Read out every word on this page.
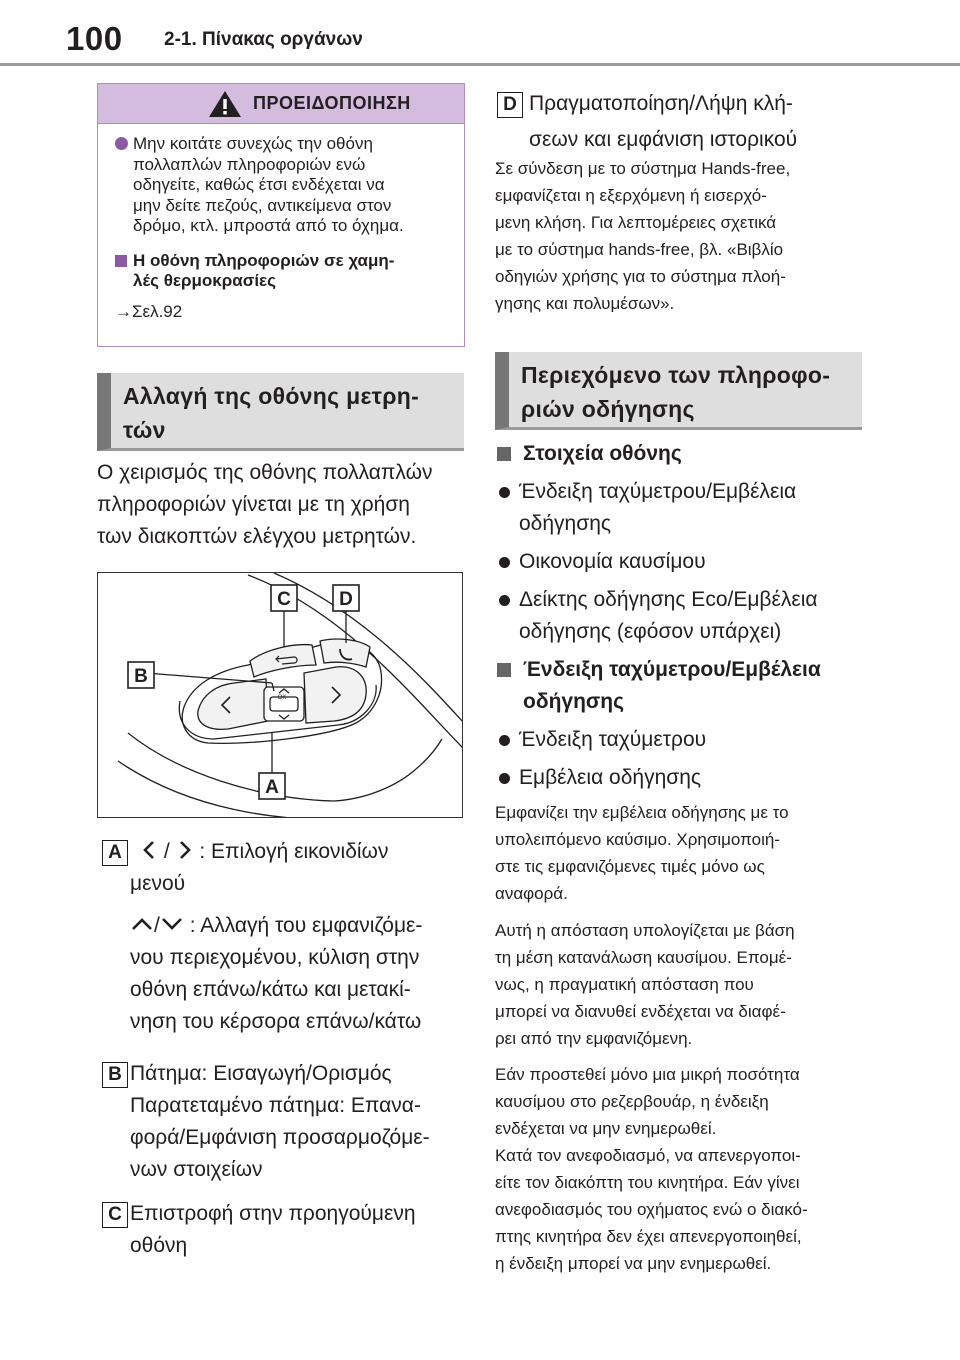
100 2-1. Πίνακας οργάνων
ΠΡΟΕΙΔΟΠΟΙΗΣΗ
Μην κοιτάτε συνεχώς την οθόνη
πολλαπλών πληροφοριών ενώ
οδηγείτε, καθώς έτσι ενδέχεται να
μην δείτε πεζούς, αντικείμενα στον
δρόμο, κτλ. μπροστά από το όχημα.
Η οθόνη πληροφοριών σε χαμη-
λές θερμοκρασίες
→Σελ.92
Αλλαγή της οθόνης μετρη-
τών
Ο χειρισμός της οθόνης πολλαπλών
πληροφοριών γίνεται με τη χρήση
των διακοπτών ελέγχου μετρητών.
OK
C	D
B
A
A	/ : Επιλογή εικονιδίων
μενού
/ : Αλλαγή του εμφανιζόμε-
νου περιεχομένου, κύλιση στην
οθόνη επάνω/κάτω και μετακί-
νηση του κέρσορα επάνω/κάτω
B Πάτημα: Εισαγωγή/Ορισμός
Παρατεταμένο πάτημα: Επανα-
φορά/Εμφάνιση προσαρμοζόμε-
νων στοιχείων
C Επιστροφή στην προηγούμενη
οθόνη
D Πραγματοποίηση/Λήψη κλή-
σεων και εμφάνιση ιστορικού
Σε σύνδεση με το σύστημα Hands-free,
εμφανίζεται η εξερχόμενη ή εισερχό-
μενη κλήση. Για λεπτομέρειες σχετικά
με το σύστημα hands-free, βλ. «Βιβλίο
οδηγιών χρήσης για το σύστημα πλοή-
γησης και πολυμέσων».
Περιεχόμενο των πληροφο-
ριών οδήγησης
Στοιχεία οθόνης
Ένδειξη ταχύμετρου/Εμβέλεια
οδήγησης
Οικονομία καυσίμου
Δείκτης οδήγησης Eco/Εμβέλεια
οδήγησης (εφόσον υπάρχει)
Ένδειξη ταχύμετρου/Εμβέλεια
οδήγησης
Ένδειξη ταχύμετρου
Εμβέλεια οδήγησης
Εμφανίζει την εμβέλεια οδήγησης με το
υπολειπόμενο καύσιμο. Χρησιμοποιή-
στε τις εμφανιζόμενες τιμές μόνο ως
αναφορά.
Αυτή η απόσταση υπολογίζεται με βάση
τη μέση κατανάλωση καυσίμου. Επομέ-
νως, η πραγματική απόσταση που
μπορεί να διανυθεί ενδέχεται να διαφέ-
ρει από την εμφανιζόμενη.
Εάν προστεθεί μόνο μια μικρή ποσότητα
καυσίμου στο ρεζερβουάρ, η ένδειξη
ενδέχεται να μην ενημερωθεί.
Κατά τον ανεφοδιασμό, να απενεργοποι-
είτε τον διακόπτη του κινητήρα. Εάν γίνει
ανεφοδιασμός του οχήματος ενώ ο διακό-
πτης κινητήρα δεν έχει απενεργοποιηθεί,
η ένδειξη μπορεί να μην ενημερωθεί.
